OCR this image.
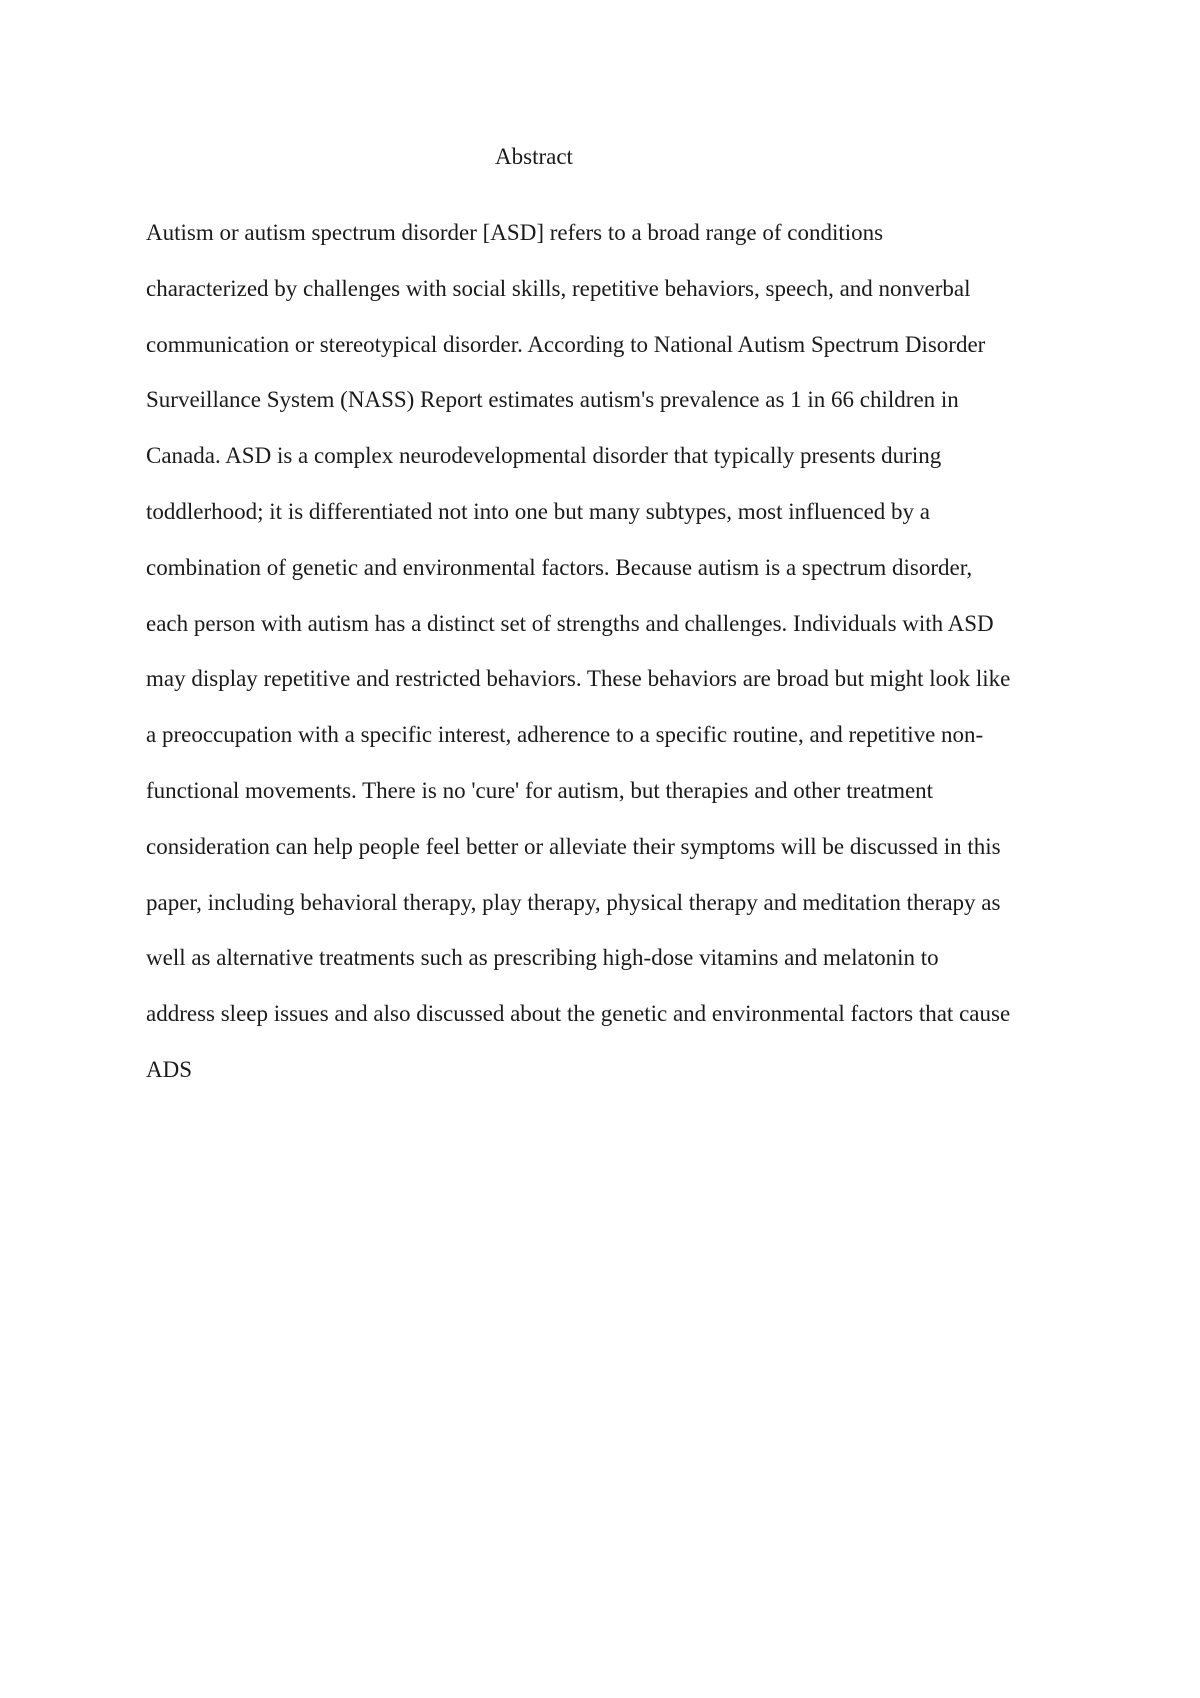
Abstract
Autism or autism spectrum disorder [ASD] refers to a broad range of conditions
characterized by challenges with social skills, repetitive behaviors, speech, and nonverbal
communication or stereotypical disorder. According to National Autism Spectrum Disorder
Surveillance System (NASS) Report estimates autism's prevalence as 1 in 66 children in
Canada. ASD is a complex neurodevelopmental disorder that typically presents during
toddlerhood; it is differentiated not into one but many subtypes, most influenced by a
combination of genetic and environmental factors. Because autism is a spectrum disorder,
each person with autism has a distinct set of strengths and challenges. Individuals with ASD
may display repetitive and restricted behaviors. These behaviors are broad but might look like
a preoccupation with a specific interest, adherence to a specific routine, and repetitive non-
functional movements. There is no 'cure' for autism, but therapies and other treatment
consideration can help people feel better or alleviate their symptoms will be discussed in this
paper, including behavioral therapy, play therapy, physical therapy and meditation therapy as
well as alternative treatments such as prescribing high-dose vitamins and melatonin to
address sleep issues and also discussed about the genetic and environmental factors that cause
ADS
